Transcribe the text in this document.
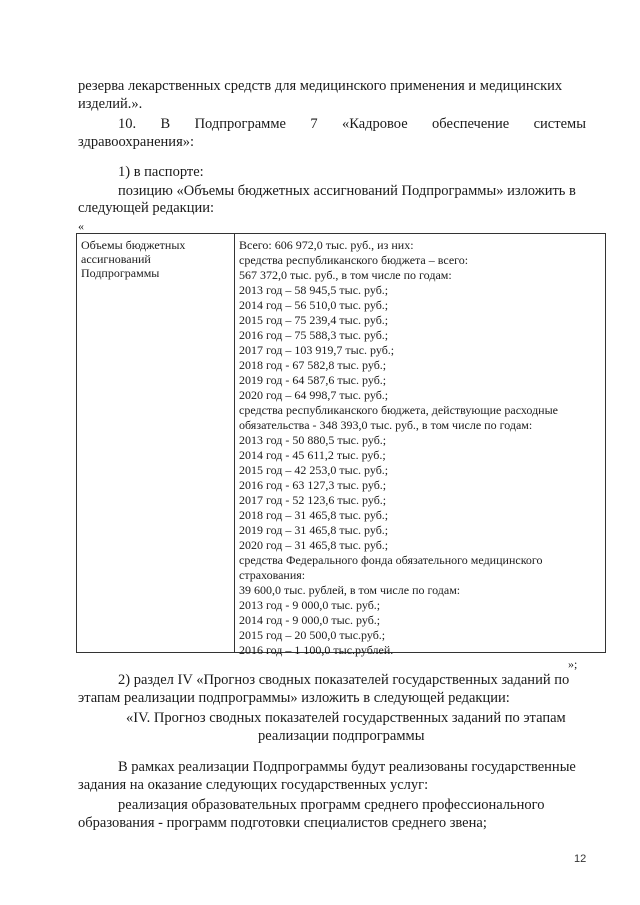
резерва лекарственных средств для медицинского применения и медицинских
изделий.».
10. В Подпрограмме 7 «Кадровое обеспечение системы
здравоохранения»:
1) в паспорте:
позицию «Объемы бюджетных ассигнований Подпрограммы» изложить в
следующей редакции:
«
Объемы бюджетных
ассигнований
Подпрограммы
Всего: 606 972,0 тыс. руб., из них:
средства республиканского бюджета – всего:
567 372,0 тыс. руб., в том числе по годам:
2013 год – 58 945,5 тыс. руб.;
2014 год – 56 510,0 тыс. руб.;
2015 год – 75 239,4 тыс. руб.;
2016 год – 75 588,3 тыс. руб.;
2017 год – 103 919,7 тыс. руб.;
2018 год - 67 582,8 тыс. руб.;
2019 год - 64 587,6 тыс. руб.;
2020 год – 64 998,7 тыс. руб.;
средства республиканского бюджета, действующие расходные
обязательства - 348 393,0 тыс. руб., в том числе по годам:
2013 год - 50 880,5 тыс. руб.;
2014 год - 45 611,2 тыс. руб.;
2015 год – 42 253,0 тыс. руб.;
2016 год - 63 127,3 тыс. руб.;
2017 год - 52 123,6 тыс. руб.;
2018 год – 31 465,8 тыс. руб.;
2019 год – 31 465,8 тыс. руб.;
2020 год – 31 465,8 тыс. руб.;
средства Федерального фонда обязательного медицинского
страхования:
39 600,0 тыс. рублей, в том числе по годам:
2013 год - 9 000,0 тыс. руб.;
2014 год - 9 000,0 тыс. руб.;
2015 год – 20 500,0 тыс.руб.;
2016 год – 1 100,0 тыс.рублей.
»;
2) раздел IV «Прогноз сводных показателей государственных заданий по
этапам реализации подпрограммы» изложить в следующей редакции:
«IV. Прогноз сводных показателей государственных заданий по этапам
реализации подпрограммы
В рамках реализации Подпрограммы будут реализованы государственные
задания на оказание следующих государственных услуг:
реализация образовательных программ среднего профессионального
образования - программ подготовки специалистов среднего звена;
12
